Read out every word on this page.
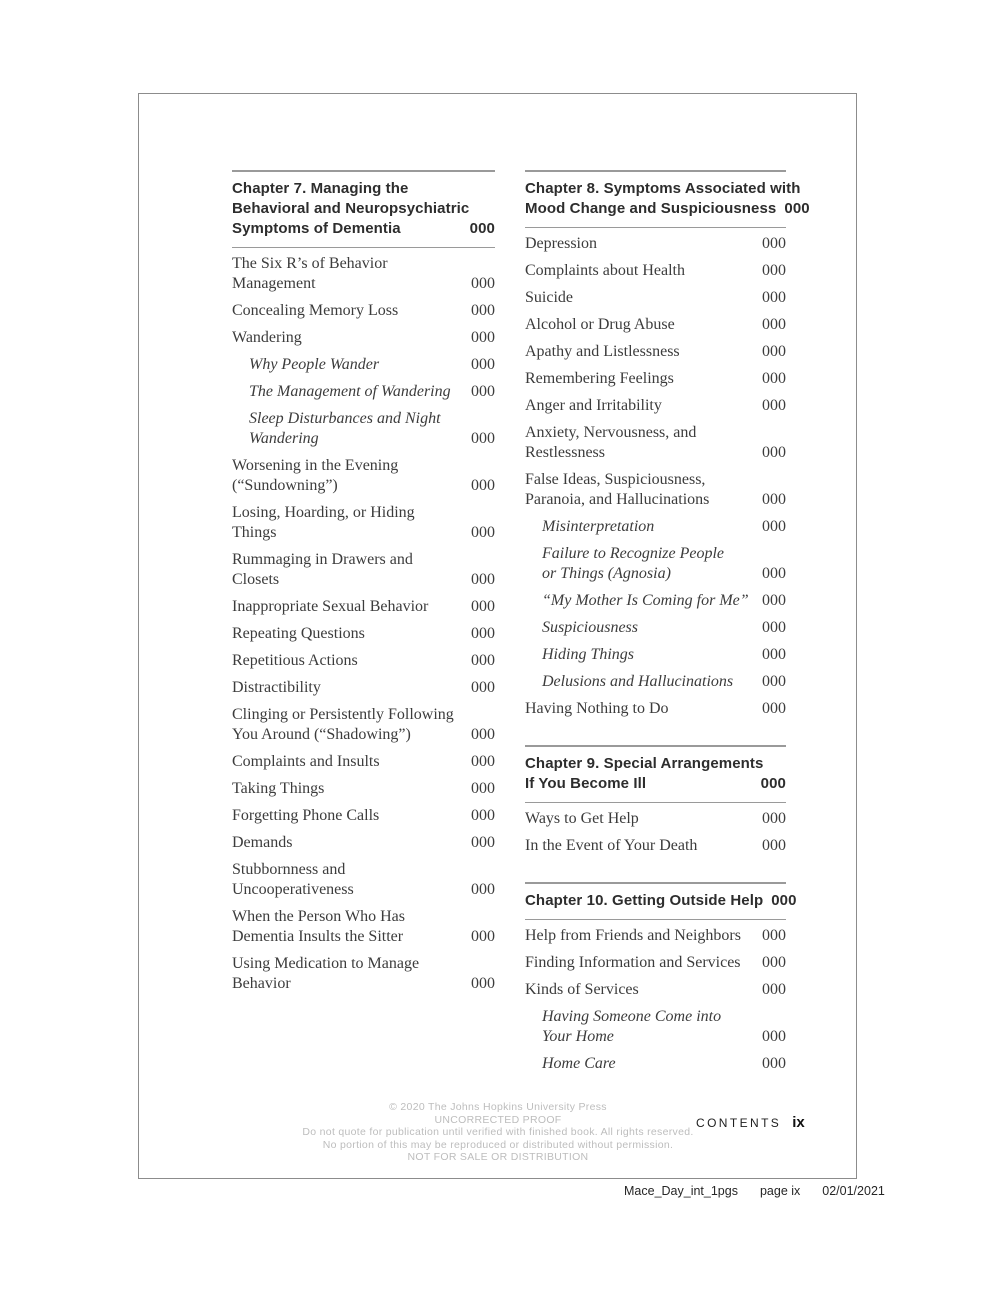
Chapter 7. Managing the
Behavioral and Neuropsychiatric
Symptoms of Dementia	000
The Six R’s of Behavior
Management	000
Concealing Memory Loss	000
Wandering	000
Why People Wander	000
The Management of Wandering	000
Sleep Disturbances and Night
Wandering	000
Worsening in the Evening
(“Sundowning”)	000
Losing, Hoarding, or Hiding
Things	000
Rummaging in Drawers and
Closets	000
Inappropriate Sexual Behavior	000
Repeating Questions	000
Repetitious Actions	000
Distractibility	000
Clinging or Persistently Following
You Around (“Shadowing”)	000
Complaints and Insults	000
Taking Things	000
Forgetting Phone Calls	000
Demands	000
Stubbornness and
Uncooperativeness	000
When the Person Who Has
Dementia Insults the Sitter	000
Using Medication to Manage
Behavior	000
Chapter 8. Symptoms Associated with
Mood Change and Suspiciousness 000
Depression	000
Complaints about Health	000
Suicide	000
Alcohol or Drug Abuse	000
Apathy and Listlessness	000
Remembering Feelings	000
Anger and Irritability	000
Anxiety, Nervousness, and
Restlessness	000
False Ideas, Suspiciousness,
Paranoia, and Hallucinations	000
Misinterpretation	000
Failure to Recognize People
or Things (Agnosia)	000
“My Mother Is Coming for Me” 000
Suspiciousness	000
Hiding Things	000
Delusions and Hallucinations	000
Having Nothing to Do	000
Chapter 9. Special Arrangements
If You Become Ill	000
Ways to Get Help	000
In the Event of Your Death	000
Chapter 10. Getting Outside Help 000
Help from Friends and Neighbors	000
Finding Information and Services	000
Kinds of Services	000
Having Someone Come into
Your Home	000
Home Care	000
© 2020 The Johns Hopkins University Press
UNCORRECTED PROOF
Do not quote for publication until verified with finished book. All rights reserved.
No portion of this may be reproduced or distributed without permission.
NOT FOR SALE OR DISTRIBUTION
CONTENTS ix
Mace_Day_int_1pgs page ix 02/01/2021
